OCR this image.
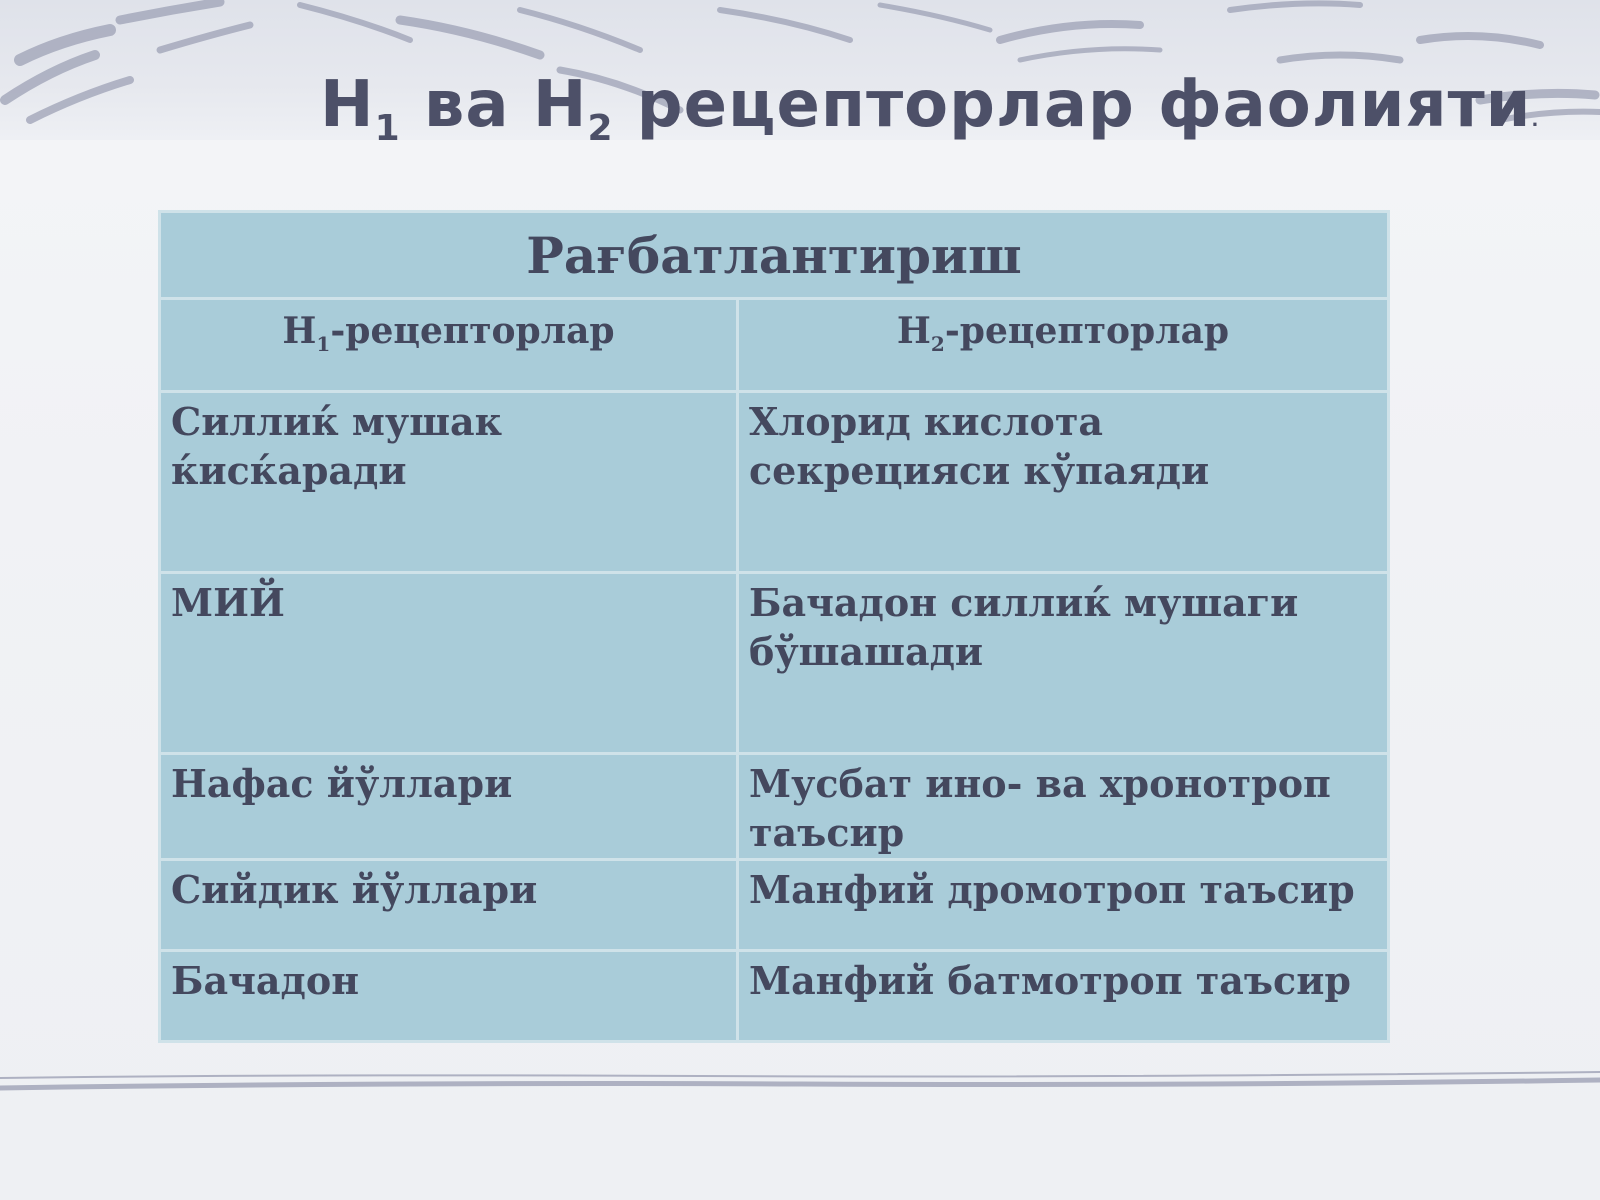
$H_1$ ва $H_2$ рецепторлар фаолияти.
Рағбатлантириш	
$H_1$-рецепторлар	$H_2$-рецепторлар
Силлиќ мушак ќисќаради	Хлорид кислота секрецияси кўпаяди
МИЙ	Бачадон силлиќ мушаги бўшашади
Нафас йўллари	Мусбат ино- ва хронотроп таъсир
Сийдик йўллари	Манфий дромотроп таъсир
Бачадон	Манфий батмотроп таъсир
